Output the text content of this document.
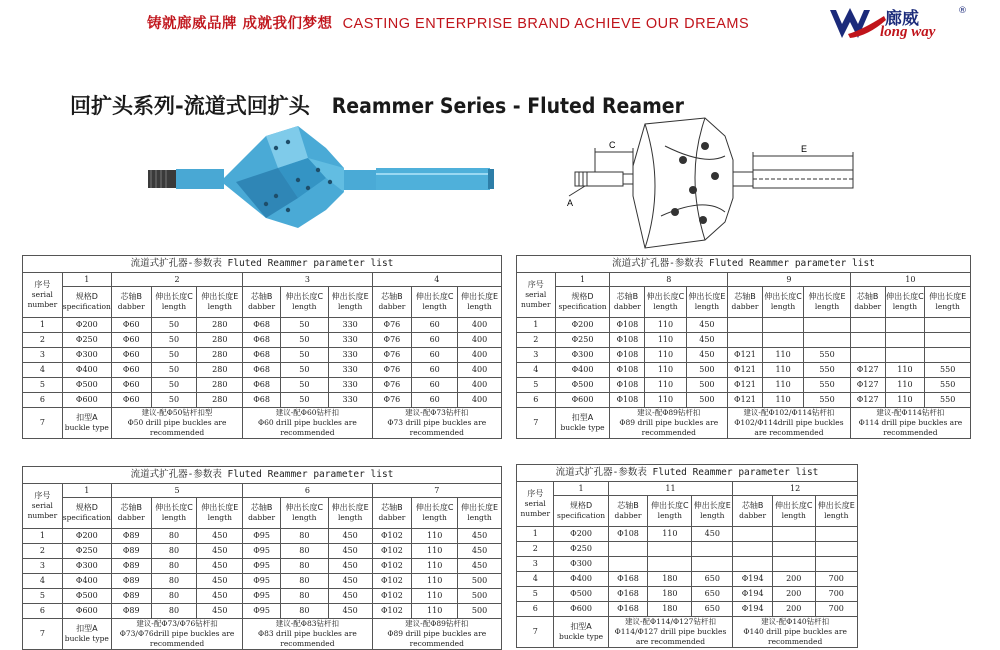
铸就廊威品牌 成就我们梦想 CASTING ENTERPRISE BRAND ACHIEVE OUR DREAMS	廊威	®
long way
回扩头系列-流道式回扩头 Reammer Series - Fluted Reamer
C	E
A
流道式扩孔器-参数表 Fluted Reammer parameter list										

序号
serial
number	1	2			3			4		

	规格D
specification	芯轴B
dabber	伸出长度C
length	伸出长度E
length	芯轴B
dabber	伸出长度C
length	伸出长度E
length	芯轴B
dabber	伸出长度C
length	伸出长度E
length

1	Φ200	Φ60	50	280	Φ68	50	330	Φ76	60	400
2	Φ250	Φ60	50	280	Φ68	50	330	Φ76	60	400
3	Φ300	Φ60	50	280	Φ68	50	330	Φ76	60	400
4	Φ400	Φ60	50	280	Φ68	50	330	Φ76	60	400
5	Φ500	Φ60	50	280	Φ68	50	330	Φ76	60	400
6	Φ600	Φ60	50	280	Φ68	50	330	Φ76	60	400
7	扣型A
buckle type	建议-配Φ50钻杆扣型
Φ50 drill pipe buckles are recommended			建议-配Φ60钻杆扣
Φ60 drill pipe buckles are recommended			建议-配Φ73钻杆扣
Φ73 drill pipe buckles are recommended		
流道式扩孔器-参数表 Fluted Reammer parameter list										

序号
serial
number	1	8			9			10		

	规格D
specification	芯轴B
dabber	伸出长度C
length	伸出长度E
length	芯轴B
dabber	伸出长度C
length	伸出长度E
length	芯轴B
dabber	伸出长度C
length	伸出长度E
length

1	Φ200	Φ108	110	450						
2	Φ250	Φ108	110	450						
3	Φ300	Φ108	110	450	Φ121	110	550			
4	Φ400	Φ108	110	500	Φ121	110	550	Φ127	110	550
5	Φ500	Φ108	110	500	Φ121	110	550	Φ127	110	550
6	Φ600	Φ108	110	500	Φ121	110	550	Φ127	110	550
7	扣型A
buckle type	建议-配Φ89钻杆扣
Φ89 drill pipe buckles are recommended			建议-配Φ102/Φ114钻杆扣
Φ102/Φ114drill pipe buckles are recommended			建议-配Φ114钻杆扣
Φ114 drill pipe buckles are recommended		
流道式扩孔器-参数表 Fluted Reammer parameter list										

序号
serial
number	1	5			6			7		

	规格D
specification	芯轴B
dabber	伸出长度C
length	伸出长度E
length	芯轴B
dabber	伸出长度C
length	伸出长度E
length	芯轴B
dabber	伸出长度C
length	伸出长度E
length

1	Φ200	Φ89	80	450	Φ95	80	450	Φ102	110	450
2	Φ250	Φ89	80	450	Φ95	80	450	Φ102	110	450
3	Φ300	Φ89	80	450	Φ95	80	450	Φ102	110	450
4	Φ400	Φ89	80	450	Φ95	80	450	Φ102	110	500
5	Φ500	Φ89	80	450	Φ95	80	450	Φ102	110	500
6	Φ600	Φ89	80	450	Φ95	80	450	Φ102	110	500
7	扣型A
buckle type	建议-配Φ73/Φ76钻杆扣
Φ73/Φ76drill pipe buckles are recommended			建议-配Φ83钻杆扣
Φ83 drill pipe buckles are recommended			建议-配Φ89钻杆扣
Φ89 drill pipe buckles are recommended		
流道式扩孔器-参数表 Fluted Reammer parameter list							

序号
serial
number	1	11			12		

	规格D
specification	芯轴B
dabber	伸出长度C
length	伸出长度E
length	芯轴B
dabber	伸出长度C
length	伸出长度E
length

1	Φ200	Φ108	110	450			
2	Φ250						
3	Φ300						
4	Φ400	Φ168	180	650	Φ194	200	700
5	Φ500	Φ168	180	650	Φ194	200	700
6	Φ600	Φ168	180	650	Φ194	200	700
7	扣型A
buckle type	建议-配Φ114/Φ127钻杆扣
Φ114/Φ127 drill pipe buckles are recommended			建议-配Φ140钻杆扣
Φ140 drill pipe buckles are recommended		
